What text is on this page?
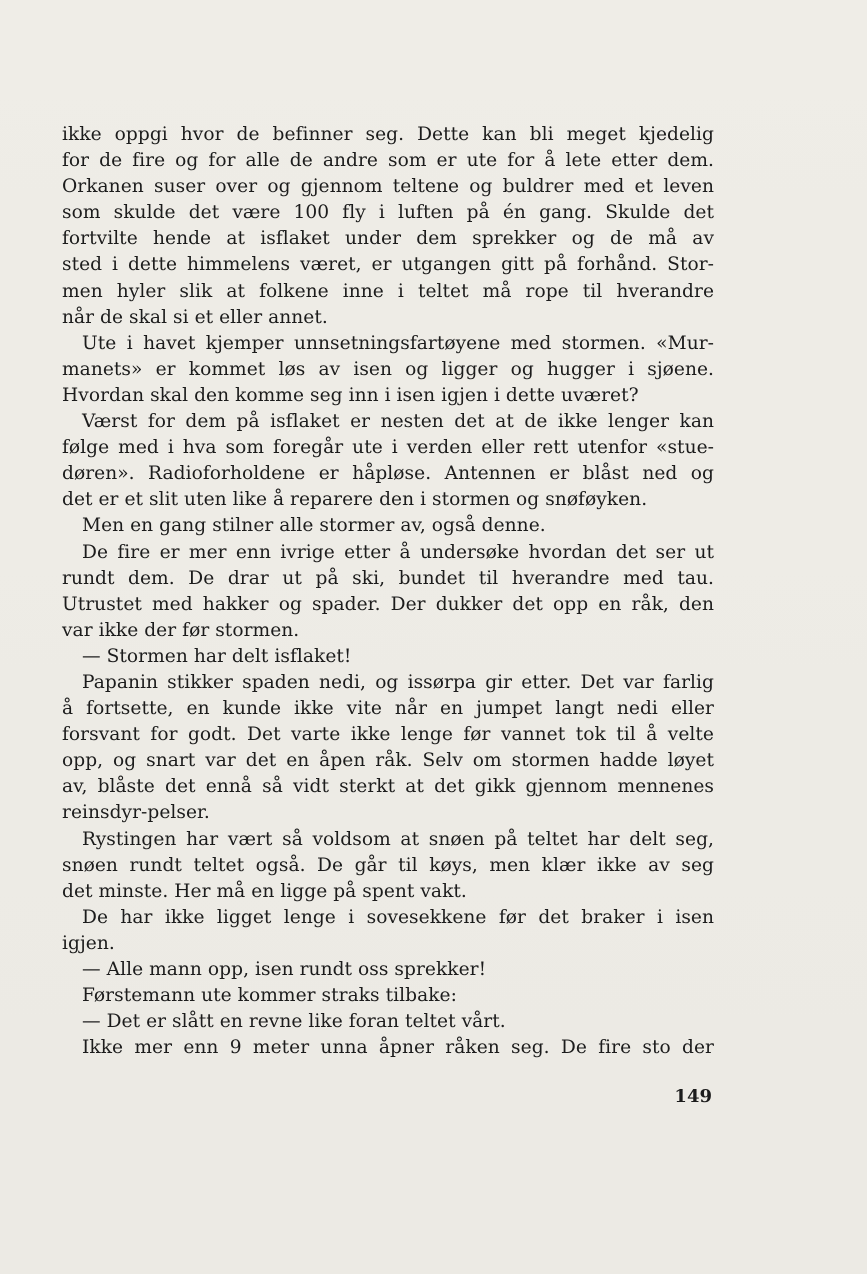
ikke oppgi hvor de befinner seg. Dette kan bli meget kjedelig
for de fire og for alle de andre som er ute for å lete etter dem.
Orkanen suser over og gjennom teltene og buldrer med et leven
som skulde det være 100 fly i luften på én gang. Skulde det
fortvilte hende at isflaket under dem sprekker og de må av
sted i dette himmelens været, er utgangen gitt på forhånd. Stor-
men hyler slik at folkene inne i teltet må rope til hverandre
når de skal si et eller annet.
Ute i havet kjemper unnsetningsfartøyene med stormen. «Mur-
manets» er kommet løs av isen og ligger og hugger i sjøene.
Hvordan skal den komme seg inn i isen igjen i dette uværet?
Værst for dem på isflaket er nesten det at de ikke lenger kan
følge med i hva som foregår ute i verden eller rett utenfor «stue-
døren». Radioforholdene er håpløse. Antennen er blåst ned og
det er et slit uten like å reparere den i stormen og snøføyken.
Men en gang stilner alle stormer av, også denne.
De fire er mer enn ivrige etter å undersøke hvordan det ser ut
rundt dem. De drar ut på ski, bundet til hverandre med tau.
Utrustet med hakker og spader. Der dukker det opp en råk, den
var ikke der før stormen.
— Stormen har delt isflaket!
Papanin stikker spaden nedi, og issørpa gir etter. Det var farlig
å fortsette, en kunde ikke vite når en jumpet langt nedi eller
forsvant for godt. Det varte ikke lenge før vannet tok til å velte
opp, og snart var det en åpen råk. Selv om stormen hadde løyet
av, blåste det ennå så vidt sterkt at det gikk gjennom mennenes
reinsdyr-pelser.
Rystingen har vært så voldsom at snøen på teltet har delt seg,
snøen rundt teltet også. De går til køys, men klær ikke av seg
det minste. Her må en ligge på spent vakt.
De har ikke ligget lenge i sovesekkene før det braker i isen
igjen.
— Alle mann opp, isen rundt oss sprekker!
Førstemann ute kommer straks tilbake:
— Det er slått en revne like foran teltet vårt.
Ikke mer enn 9 meter unna åpner råken seg. De fire sto der
149
